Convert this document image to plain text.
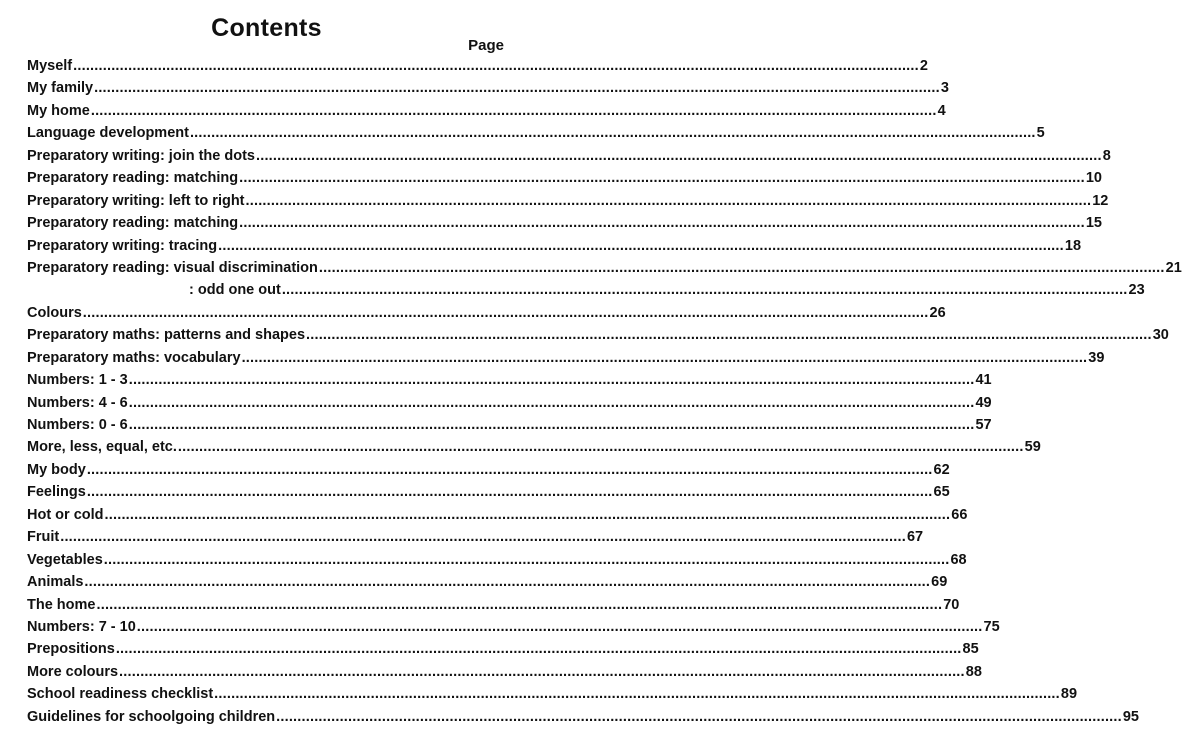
Contents
Page
Myself ........................................................................................................................................................................................................ 2
My family ........................................................................................................................................................................................................ 3
My home ........................................................................................................................................................................................................ 4
Language development ........................................................................................................................................................................................................ 5
Preparatory writing: join the dots ........................................................................................................................................................................................................ 8
Preparatory reading: matching ........................................................................................................................................................................................................ 10
Preparatory writing: left to right ........................................................................................................................................................................................................ 12
Preparatory reading: matching ........................................................................................................................................................................................................ 15
Preparatory writing: tracing ........................................................................................................................................................................................................ 18
Preparatory reading: visual discrimination ........................................................................................................................................................................................................ 21
: odd one out ........................................................................................................................................................................................................ 23
Colours ........................................................................................................................................................................................................ 26
Preparatory maths: patterns and shapes ........................................................................................................................................................................................................ 30
Preparatory maths: vocabulary ........................................................................................................................................................................................................ 39
Numbers: 1 - 3 ........................................................................................................................................................................................................ 41
Numbers: 4 - 6 ........................................................................................................................................................................................................ 49
Numbers: 0 - 6 ........................................................................................................................................................................................................ 57
More, less, equal, etc. ........................................................................................................................................................................................................ 59
My body ........................................................................................................................................................................................................ 62
Feelings ........................................................................................................................................................................................................ 65
Hot or cold ........................................................................................................................................................................................................ 66
Fruit ........................................................................................................................................................................................................ 67
Vegetables ........................................................................................................................................................................................................ 68
Animals ........................................................................................................................................................................................................ 69
The home ........................................................................................................................................................................................................ 70
Numbers: 7 - 10 ........................................................................................................................................................................................................ 75
Prepositions ........................................................................................................................................................................................................ 85
More colours ........................................................................................................................................................................................................ 88
School readiness checklist ........................................................................................................................................................................................................ 89
Guidelines for schoolgoing children ........................................................................................................................................................................................................ 95
